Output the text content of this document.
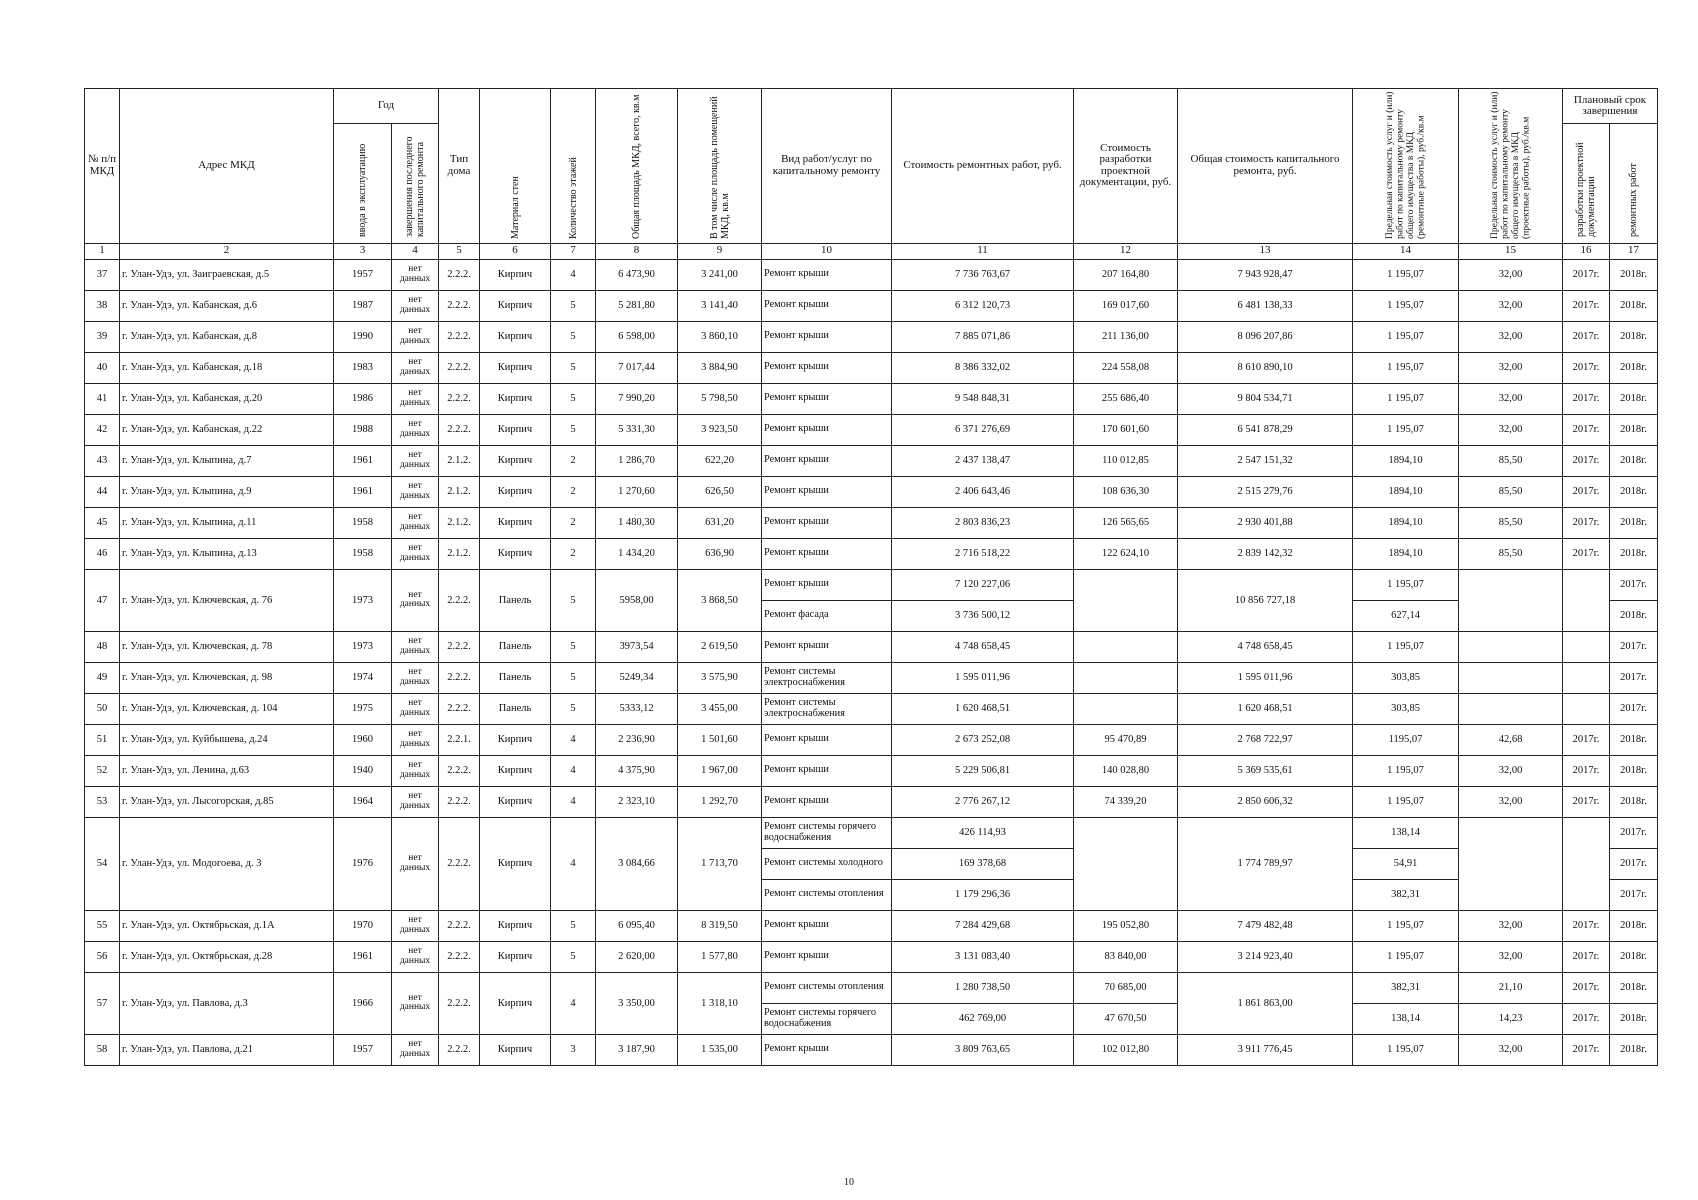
№ п/п МКД	Адрес МКД	Год		Тип дома	Материал стен	Количество этажей	Общая площадь МКД, всего, кв.м	В том числе площадь помещений МКД, кв.м	Вид работ/услуг по капитальному ремонту	Стоимость ремонтных работ, руб.	Стоимость разработки проектной документации, руб.	Общая стоимость капитального ремонта, руб.	Предельная стоимость услуг и (или) работ по капитальному ремонту общего имущества в МКД (ремонтные работы), руб./кв.м	Предельная стоимость услуг и (или) работ по капитальному ремонту общего имущества в МКД (проектные работы), руб./кв.м	Плановый срок завершения	
		ввода в эксплуатацию	завершения последнего капитального ремонта												разработки проектной документации	ремонтных работ
1	2	3	4	5	6	7	8	9	10	11	12	13	14	15	16	17
37	г. Улан-Удэ, ул. Заиграевская, д.5	1957	нет данных	2.2.2.	Кирпич	4	6 473,90	3 241,00	Ремонт крыши	7 736 763,67	207 164,80	7 943 928,47	1 195,07	32,00	2017г.	2018г.
38	г. Улан-Удэ, ул. Кабанская, д.6	1987	нет данных	2.2.2.	Кирпич	5	5 281,80	3 141,40	Ремонт крыши	6 312 120,73	169 017,60	6 481 138,33	1 195,07	32,00	2017г.	2018г.
39	г. Улан-Удэ, ул. Кабанская, д.8	1990	нет данных	2.2.2.	Кирпич	5	6 598,00	3 860,10	Ремонт крыши	7 885 071,86	211 136,00	8 096 207,86	1 195,07	32,00	2017г.	2018г.
40	г. Улан-Удэ, ул. Кабанская, д.18	1983	нет данных	2.2.2.	Кирпич	5	7 017,44	3 884,90	Ремонт крыши	8 386 332,02	224 558,08	8 610 890,10	1 195,07	32,00	2017г.	2018г.
41	г. Улан-Удэ, ул. Кабанская, д.20	1986	нет данных	2.2.2.	Кирпич	5	7 990,20	5 798,50	Ремонт крыши	9 548 848,31	255 686,40	9 804 534,71	1 195,07	32,00	2017г.	2018г.
42	г. Улан-Удэ, ул. Кабанская, д.22	1988	нет данных	2.2.2.	Кирпич	5	5 331,30	3 923,50	Ремонт крыши	6 371 276,69	170 601,60	6 541 878,29	1 195,07	32,00	2017г.	2018г.
43	г. Улан-Удэ, ул. Клыпина, д.7	1961	нет данных	2.1.2.	Кирпич	2	1 286,70	622,20	Ремонт крыши	2 437 138,47	110 012,85	2 547 151,32	1894,10	85,50	2017г.	2018г.
44	г. Улан-Удэ, ул. Клыпина, д.9	1961	нет данных	2.1.2.	Кирпич	2	1 270,60	626,50	Ремонт крыши	2 406 643,46	108 636,30	2 515 279,76	1894,10	85,50	2017г.	2018г.
45	г. Улан-Удэ, ул. Клыпина, д.11	1958	нет данных	2.1.2.	Кирпич	2	1 480,30	631,20	Ремонт крыши	2 803 836,23	126 565,65	2 930 401,88	1894,10	85,50	2017г.	2018г.
46	г. Улан-Удэ, ул. Клыпина, д.13	1958	нет данных	2.1.2.	Кирпич	2	1 434,20	636,90	Ремонт крыши	2 716 518,22	122 624,10	2 839 142,32	1894,10	85,50	2017г.	2018г.
47	г. Улан-Удэ, ул. Ключевская, д. 76	1973	нет данных	2.2.2.	Панель	5	5958,00	3 868,50	Ремонт крыши	7 120 227,06		10 856 727,18	1 195,07			2017г.
									Ремонт фасада	3 736 500,12			627,14			2018г.
48	г. Улан-Удэ, ул. Ключевская, д. 78	1973	нет данных	2.2.2.	Панель	5	3973,54	2 619,50	Ремонт крыши	4 748 658,45		4 748 658,45	1 195,07			2017г.
49	г. Улан-Удэ, ул. Ключевская, д. 98	1974	нет данных	2.2.2.	Панель	5	5249,34	3 575,90	Ремонт системы электроснабжения	1 595 011,96		1 595 011,96	303,85			2017г.
50	г. Улан-Удэ, ул. Ключевская, д. 104	1975	нет данных	2.2.2.	Панель	5	5333,12	3 455,00	Ремонт системы электроснабжения	1 620 468,51		1 620 468,51	303,85			2017г.
51	г. Улан-Удэ, ул. Куйбышева, д.24	1960	нет данных	2.2.1.	Кирпич	4	2 236,90	1 501,60	Ремонт крыши	2 673 252,08	95 470,89	2 768 722,97	1195,07	42,68	2017г.	2018г.
52	г. Улан-Удэ, ул. Ленина, д.63	1940	нет данных	2.2.2.	Кирпич	4	4 375,90	1 967,00	Ремонт крыши	5 229 506,81	140 028,80	5 369 535,61	1 195,07	32,00	2017г.	2018г.
53	г. Улан-Удэ, ул. Лысогорская, д.85	1964	нет данных	2.2.2.	Кирпич	4	2 323,10	1 292,70	Ремонт крыши	2 776 267,12	74 339,20	2 850 606,32	1 195,07	32,00	2017г.	2018г.
54	г. Улан-Удэ, ул. Модогоева, д. 3	1976	нет данных	2.2.2.	Кирпич	4	3 084,66	1 713,70	Ремонт системы горячего водоснабжения	426 114,93		1 774 789,97	138,14			2017г.
									Ремонт системы холодного	169 378,68			54,91			2017г.
									Ремонт системы отопления	1 179 296,36			382,31			2017г.
55	г. Улан-Удэ, ул. Октябрьская, д.1А	1970	нет данных	2.2.2.	Кирпич	5	6 095,40	8 319,50	Ремонт крыши	7 284 429,68	195 052,80	7 479 482,48	1 195,07	32,00	2017г.	2018г.
56	г. Улан-Удэ, ул. Октябрьская, д.28	1961	нет данных	2.2.2.	Кирпич	5	2 620,00	1 577,80	Ремонт крыши	3 131 083,40	83 840,00	3 214 923,40	1 195,07	32,00	2017г.	2018г.
57	г. Улан-Удэ, ул. Павлова, д.3	1966	нет данных	2.2.2.	Кирпич	4	3 350,00	1 318,10	Ремонт системы отопления	1 280 738,50	70 685,00	1 861 863,00	382,31	21,10	2017г.	2018г.
									Ремонт системы горячего водоснабжения	462 769,00	47 670,50		138,14	14,23	2017г.	2018г.
58	г. Улан-Удэ, ул. Павлова, д.21	1957	нет данных	2.2.2.	Кирпич	3	3 187,90	1 535,00	Ремонт крыши	3 809 763,65	102 012,80	3 911 776,45	1 195,07	32,00	2017г.	2018г.
10
